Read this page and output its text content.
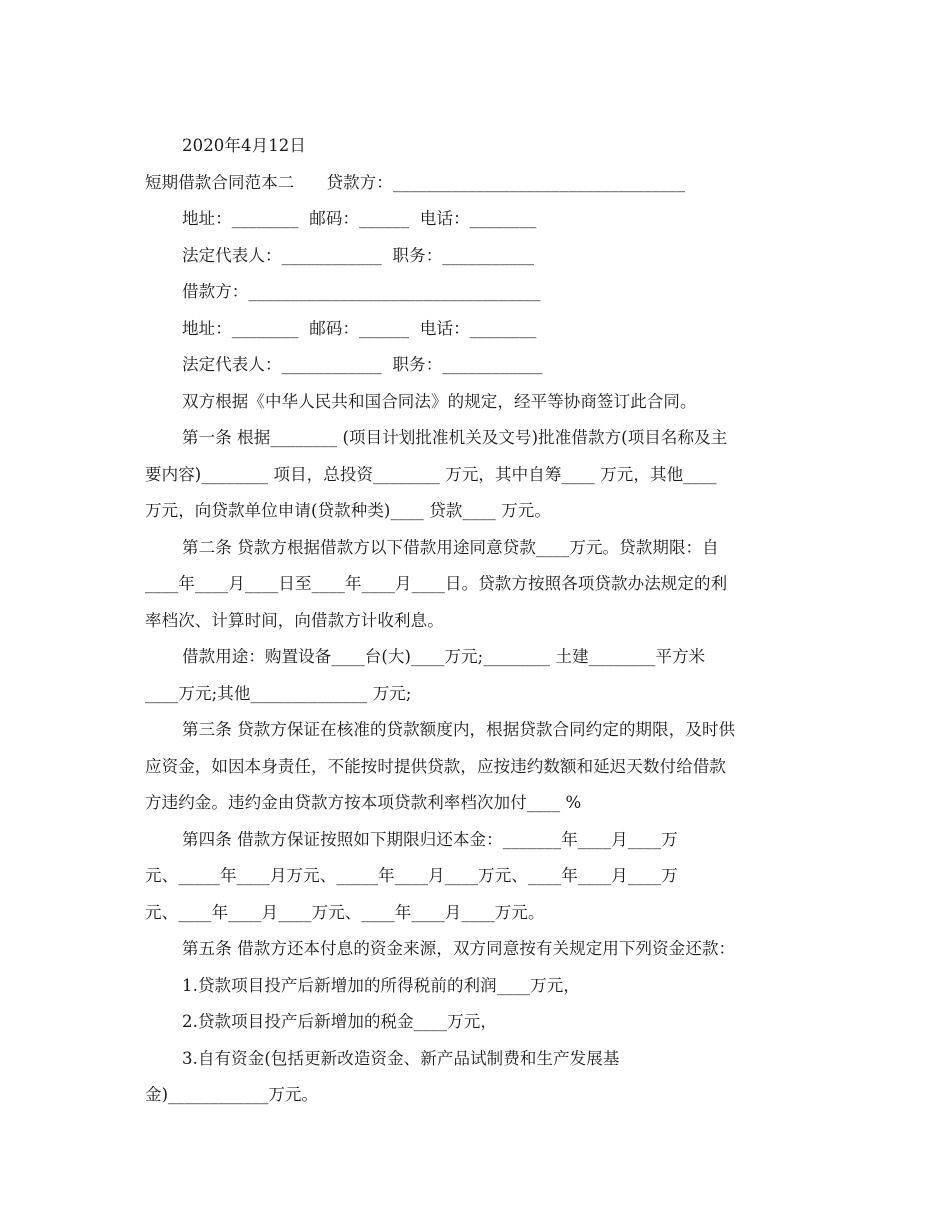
2020年4月12日
短期借款合同范本二      贷款方：___________________________________
地址：________  邮码：______  电话：________
法定代表人：____________  职务：___________
借款方：___________________________________
地址：________  邮码：______  电话：________
法定代表人：____________  职务：____________
双方根据《中华人民共和国合同法》的规定，经平等协商签订此合同。
第一条 根据________ (项目计划批准机关及文号)批准借款方(项目名称及主
要内容)________ 项目，总投资________ 万元，其中自筹____ 万元，其他____
万元，向贷款单位申请(贷款种类)____ 贷款____ 万元。
第二条 贷款方根据借款方以下借款用途同意贷款____万元。贷款期限：自
____年____月____日至____年____月____日。贷款方按照各项贷款办法规定的利
率档次、计算时间，向借款方计收利息。
借款用途：购置设备____台(大)____万元;________ 土建________平方米
____万元;其他______________ 万元;
第三条 贷款方保证在核准的贷款额度内，根据贷款合同约定的期限，及时供
应资金，如因本身责任，不能按时提供贷款，应按违约数额和延迟天数付给借款
方违约金。违约金由贷款方按本项贷款利率档次加付____ %
第四条 借款方保证按照如下期限归还本金：_______年____月____万
元、_____年____月万元、_____年____月____万元、____年____月____万
元、____年____月____万元、____年____月____万元。
第五条 借款方还本付息的资金来源，双方同意按有关规定用下列资金还款：
1.贷款项目投产后新增加的所得税前的利润____万元，
2.贷款项目投产后新增加的税金____万元，
3.自有资金(包括更新改造资金、新产品试制费和生产发展基
金)____________万元。
